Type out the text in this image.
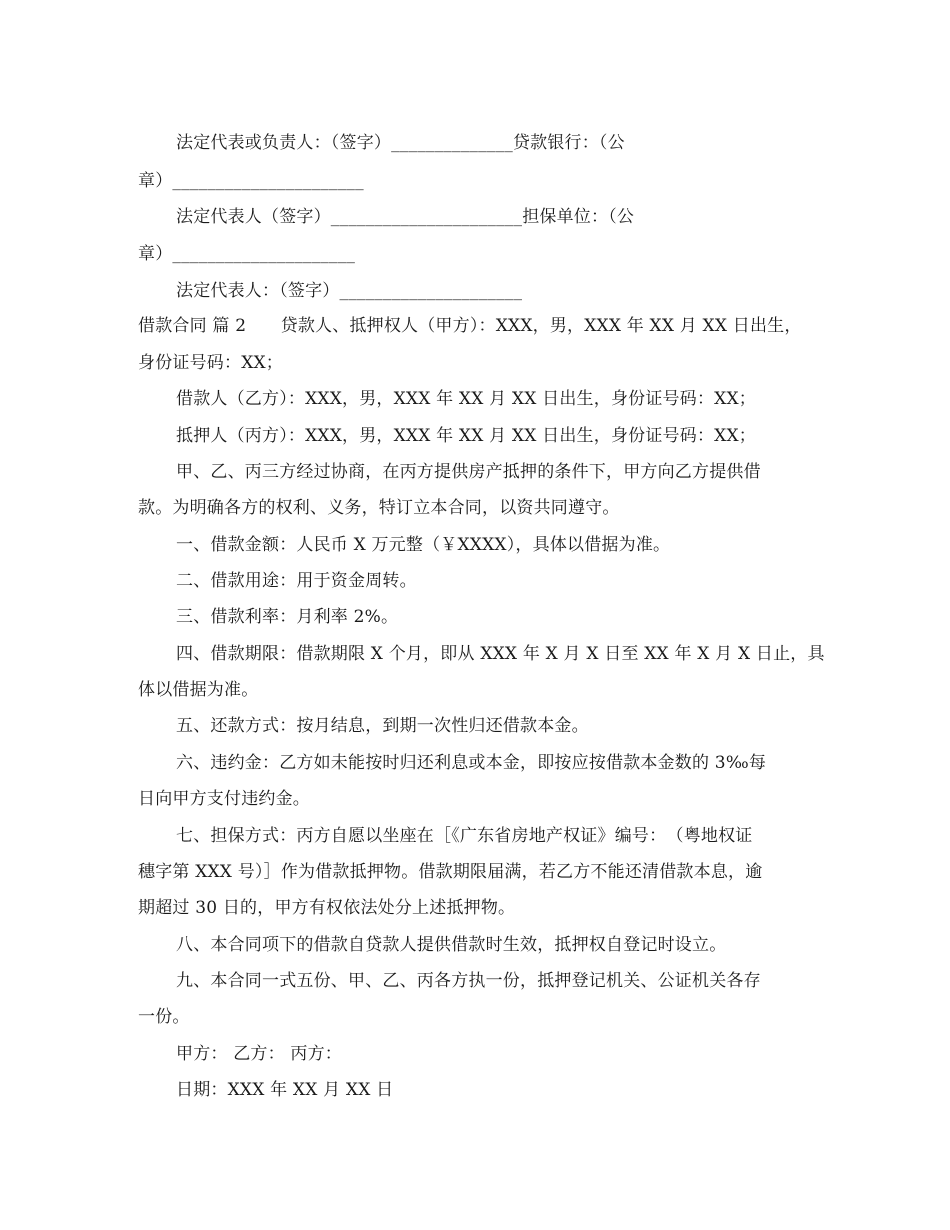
法定代表或负责人：（签字）______________贷款银行：（公
章）______________________
法定代表人（签字）______________________担保单位：（公
章）_____________________
法定代表人：（签字）_____________________
借款合同 篇 2　　贷款人、抵押权人（甲方）：XXX，男，XXX 年 XX 月 XX 日出生，
身份证号码：XX；
借款人（乙方）：XXX，男，XXX 年 XX 月 XX 日出生，身份证号码：XX；
抵押人（丙方）：XXX，男，XXX 年 XX 月 XX 日出生，身份证号码：XX；
甲、乙、丙三方经过协商，在丙方提供房产抵押的条件下，甲方向乙方提供借
款。为明确各方的权利、义务，特订立本合同，以资共同遵守。
一、借款金额：人民币 X 万元整（￥XXXX），具体以借据为准。
二、借款用途：用于资金周转。
三、借款利率：月利率 2%。
四、借款期限：借款期限 X 个月，即从 XXX 年 X 月 X 日至 XX 年 X 月 X 日止，具
体以借据为准。
五、还款方式：按月结息，到期一次性归还借款本金。
六、违约金：乙方如未能按时归还利息或本金，即按应按借款本金数的 3‰每
日向甲方支付违约金。
七、担保方式：丙方自愿以坐座在［《广东省房地产权证》编号：　（粤地权证
穗字第 XXX 号）］作为借款抵押物。借款期限届满，若乙方不能还清借款本息，逾
期超过 30 日的，甲方有权依法处分上述抵押物。
八、本合同项下的借款自贷款人提供借款时生效，抵押权自登记时设立。
九、本合同一式五份、甲、乙、丙各方执一份，抵押登记机关、公证机关各存
一份。
甲方： 乙方： 丙方：
日期：XXX 年 XX 月 XX 日
